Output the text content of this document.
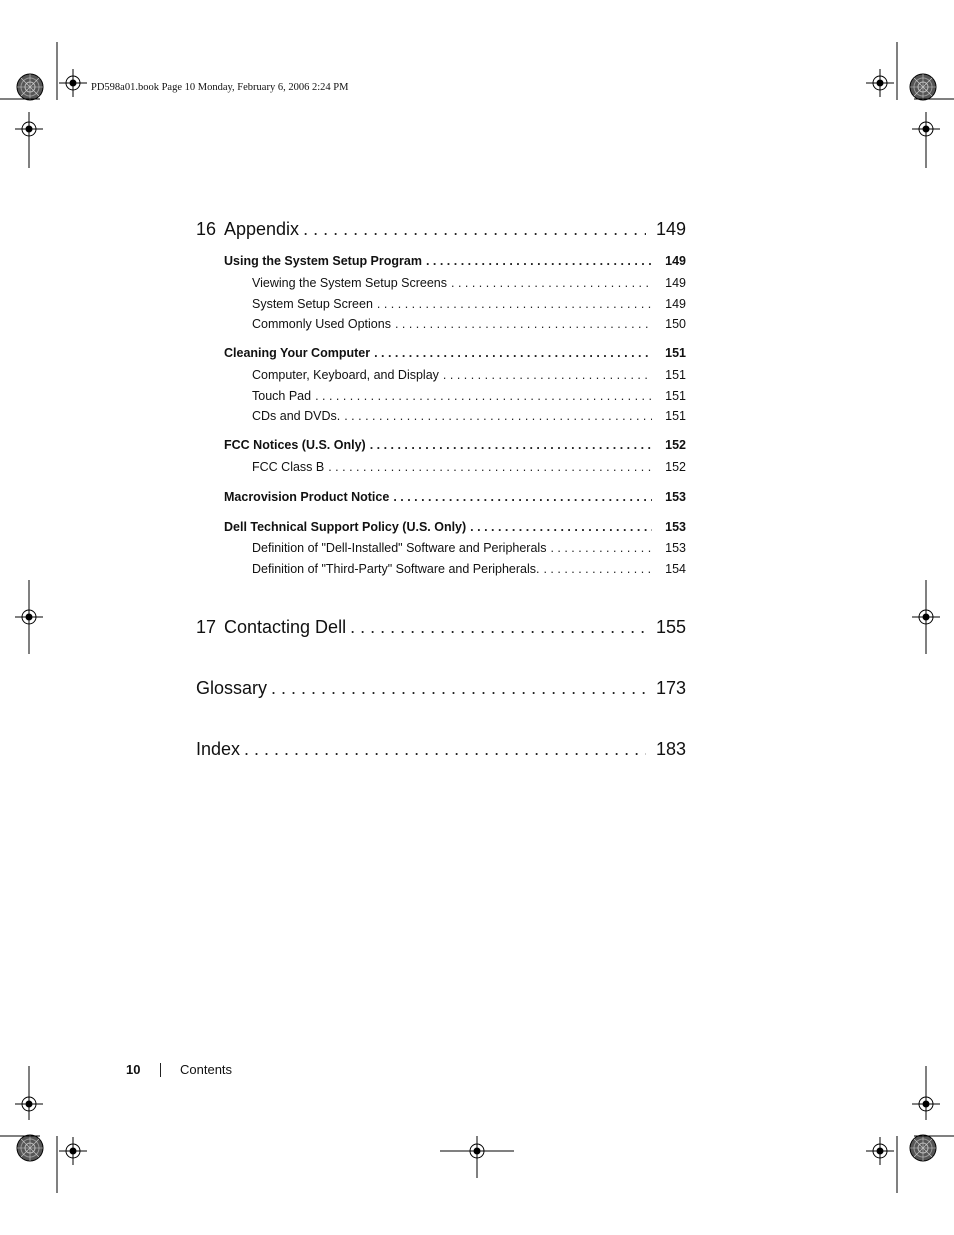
PD598a01.book Page 10 Monday, February 6, 2006 2:24 PM
16 Appendix . . .	149
Using the System Setup Program . . .	149
Viewing the System Setup Screens . . .	149
System Setup Screen . . .	149
Commonly Used Options . . .	150
Cleaning Your Computer . . .	151
Computer, Keyboard, and Display . . .	151
Touch Pad . . .	151
CDs and DVDs. . . .	151
FCC Notices (U.S. Only) . . .	152
FCC Class B . . .	152
Macrovision Product Notice . . .	153
Dell Technical Support Policy (U.S. Only) . . .	153
Definition of "Dell-Installed" Software and Peripherals . . .	153
Definition of "Third-Party" Software and Peripherals. . . .	154
17 Contacting Dell . . .	155
Glossary . . .	173
Index . . .	183
10	Contents
